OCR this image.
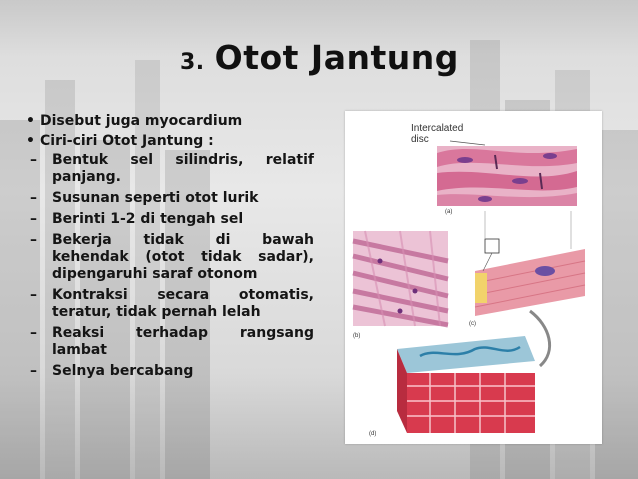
3. Otot Jantung
• Disebut juga myocardium
• Ciri-ciri Otot Jantung :
– Bentuk sel silindris, relatif panjang.
– Susunan seperti otot lurik
– Berinti 1-2 di tengah sel
– Bekerja tidak di bawah kehendak (otot tidak sadar), dipengaruhi saraf otonom
– Kontraksi secara otomatis, teratur, tidak pernah lelah
– Reaksi terhadap rangsang lambat
– Selnya bercabang
Intercalated
disc
(a)
(b)
(c)
(d)
